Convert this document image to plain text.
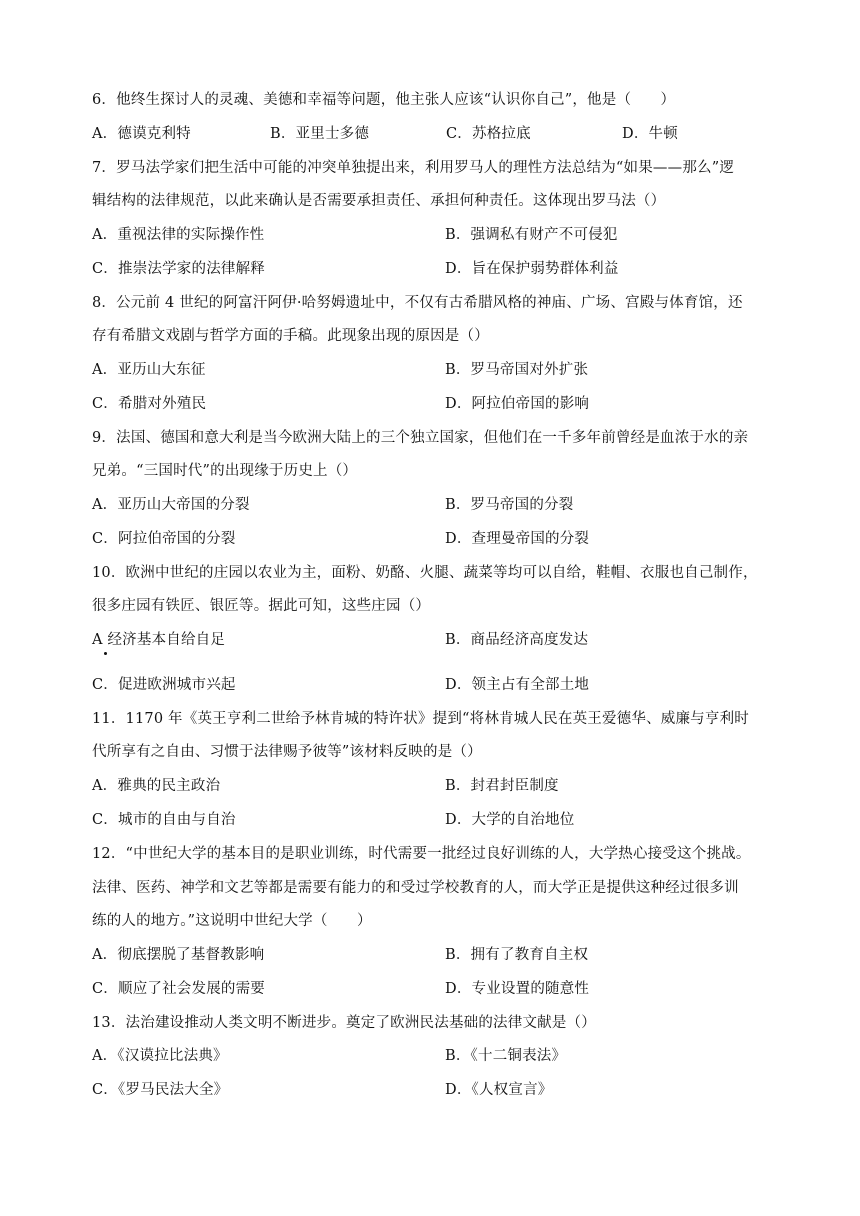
6．他终生探讨人的灵魂、美德和幸福等问题，他主张人应该“认识你自己”，他是（　　）
A．德谟克利特	B．亚里士多德	C．苏格拉底	D．牛顿
7．罗马法学家们把生活中可能的冲突单独提出来，利用罗马人的理性方法总结为“如果——那么”逻
辑结构的法律规范，以此来确认是否需要承担责任、承担何种责任。这体现出罗马法（）
A．重视法律的实际操作性	B．强调私有财产不可侵犯
C．推崇法学家的法律解释	D．旨在保护弱势群体利益
8．公元前 4 世纪的阿富汗阿伊·哈努姆遗址中，不仅有古希腊风格的神庙、广场、宫殿与体育馆，还
存有希腊文戏剧与哲学方面的手稿。此现象出现的原因是（）
A．亚历山大东征	B．罗马帝国对外扩张
C．希腊对外殖民	D．阿拉伯帝国的影响
9．法国、德国和意大利是当今欧洲大陆上的三个独立国家，但他们在一千多年前曾经是血浓于水的亲
兄弟。“三国时代”的出现缘于历史上（）
A．亚历山大帝国的分裂	B．罗马帝国的分裂
C．阿拉伯帝国的分裂	D．查理曼帝国的分裂
10．欧洲中世纪的庄园以农业为主，面粉、奶酪、火腿、蔬菜等均可以自给，鞋帽、衣服也自己制作，
很多庄园有铁匠、银匠等。据此可知，这些庄园（）
A 经济基本自给自足	B．商品经济高度发达
C．促进欧洲城市兴起	D．领主占有全部土地
11．1170 年《英王亨利二世给予林肯城的特许状》提到“将林肯城人民在英王爱德华、威廉与亨利时
代所享有之自由、习惯于法律赐予彼等”该材料反映的是（）
A．雅典的民主政治	B．封君封臣制度
C．城市的自由与自治	D．大学的自治地位
12．“中世纪大学的基本目的是职业训练，时代需要一批经过良好训练的人，大学热心接受这个挑战。
法律、医药、神学和文艺等都是需要有能力的和受过学校教育的人，而大学正是提供这种经过很多训
练的人的地方。”这说明中世纪大学（　　）
A．彻底摆脱了基督教影响	B．拥有了教育自主权
C．顺应了社会发展的需要	D．专业设置的随意性
13．法治建设推动人类文明不断进步。奠定了欧洲民法基础的法律文献是（）
A．《汉谟拉比法典》	B．《十二铜表法》
C．《罗马民法大全》	D．《人权宣言》
